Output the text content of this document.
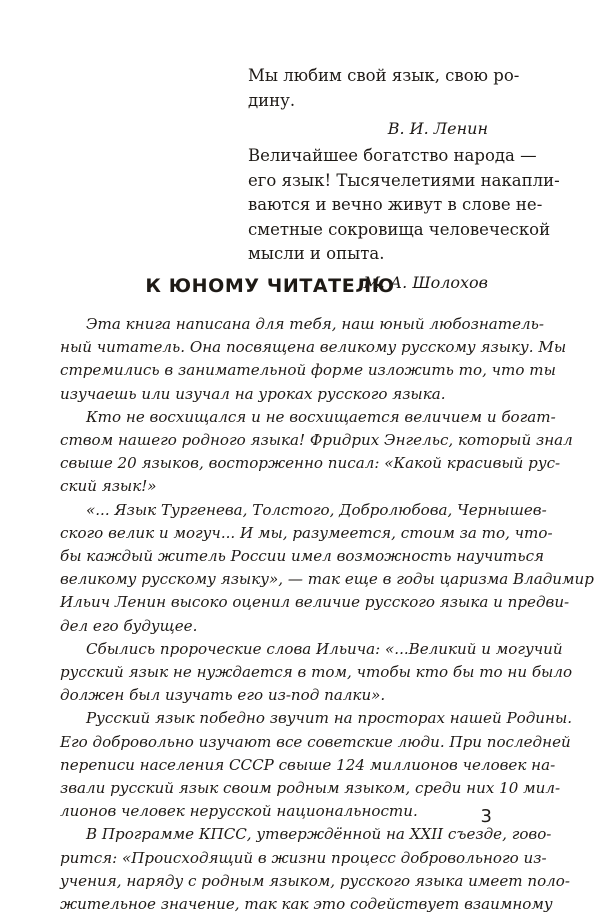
Мы любим свой язык, свою ро-
дину.
В. И. Ленин
Величайшее богатство народа —
его язык! Тысячелетиями накапли-
ваются и вечно живут в слове не-
сметные сокровища человеческой
мысли и опыта.
М. А. Шолохов
К ЮНОМУ ЧИТАТЕЛЮ
Эта книга написана для тебя, наш юный любознатель-
ный читатель. Она посвящена великому русскому языку. Мы
стремились в занимательной форме изложить то, что ты
изучаешь или изучал на уроках русского языка.
Кто не восхищался и не восхищается величием и богат-
ством нашего родного языка! Фридрих Энгельс, который знал
свыше 20 языков, восторженно писал: «Какой красивый рус-
ский язык!»
«... Язык Тургенева, Толстого, Добролюбова, Чернышев-
ского велик и могуч... И мы, разумеется, стоим за то, что-
бы каждый житель России имел возможность научиться
великому русскому языку», — так еще в годы царизма Владимир
Ильич Ленин высоко оценил величие русского языка и предви-
дел его будущее.
Сбылись пророческие слова Ильича: «...Великий и могучий
русский язык не нуждается в том, чтобы кто бы то ни было
должен был изучать его из-под палки».
Русский язык победно звучит на просторах нашей Родины.
Его добровольно изучают все советские люди. При последней
переписи населения СССР свыше 124 миллионов человек на-
звали русский язык своим родным языком, среди них 10 мил-
лионов человек нерусской национальности.
В Программе КПСС, утверждённой на XXII съезде, гово-
рится: «Происходящий в жизни процесс добровольного из-
учения, наряду с родным языком, русского языка имеет поло-
жительное значение, так как это содействует взаимному
3
